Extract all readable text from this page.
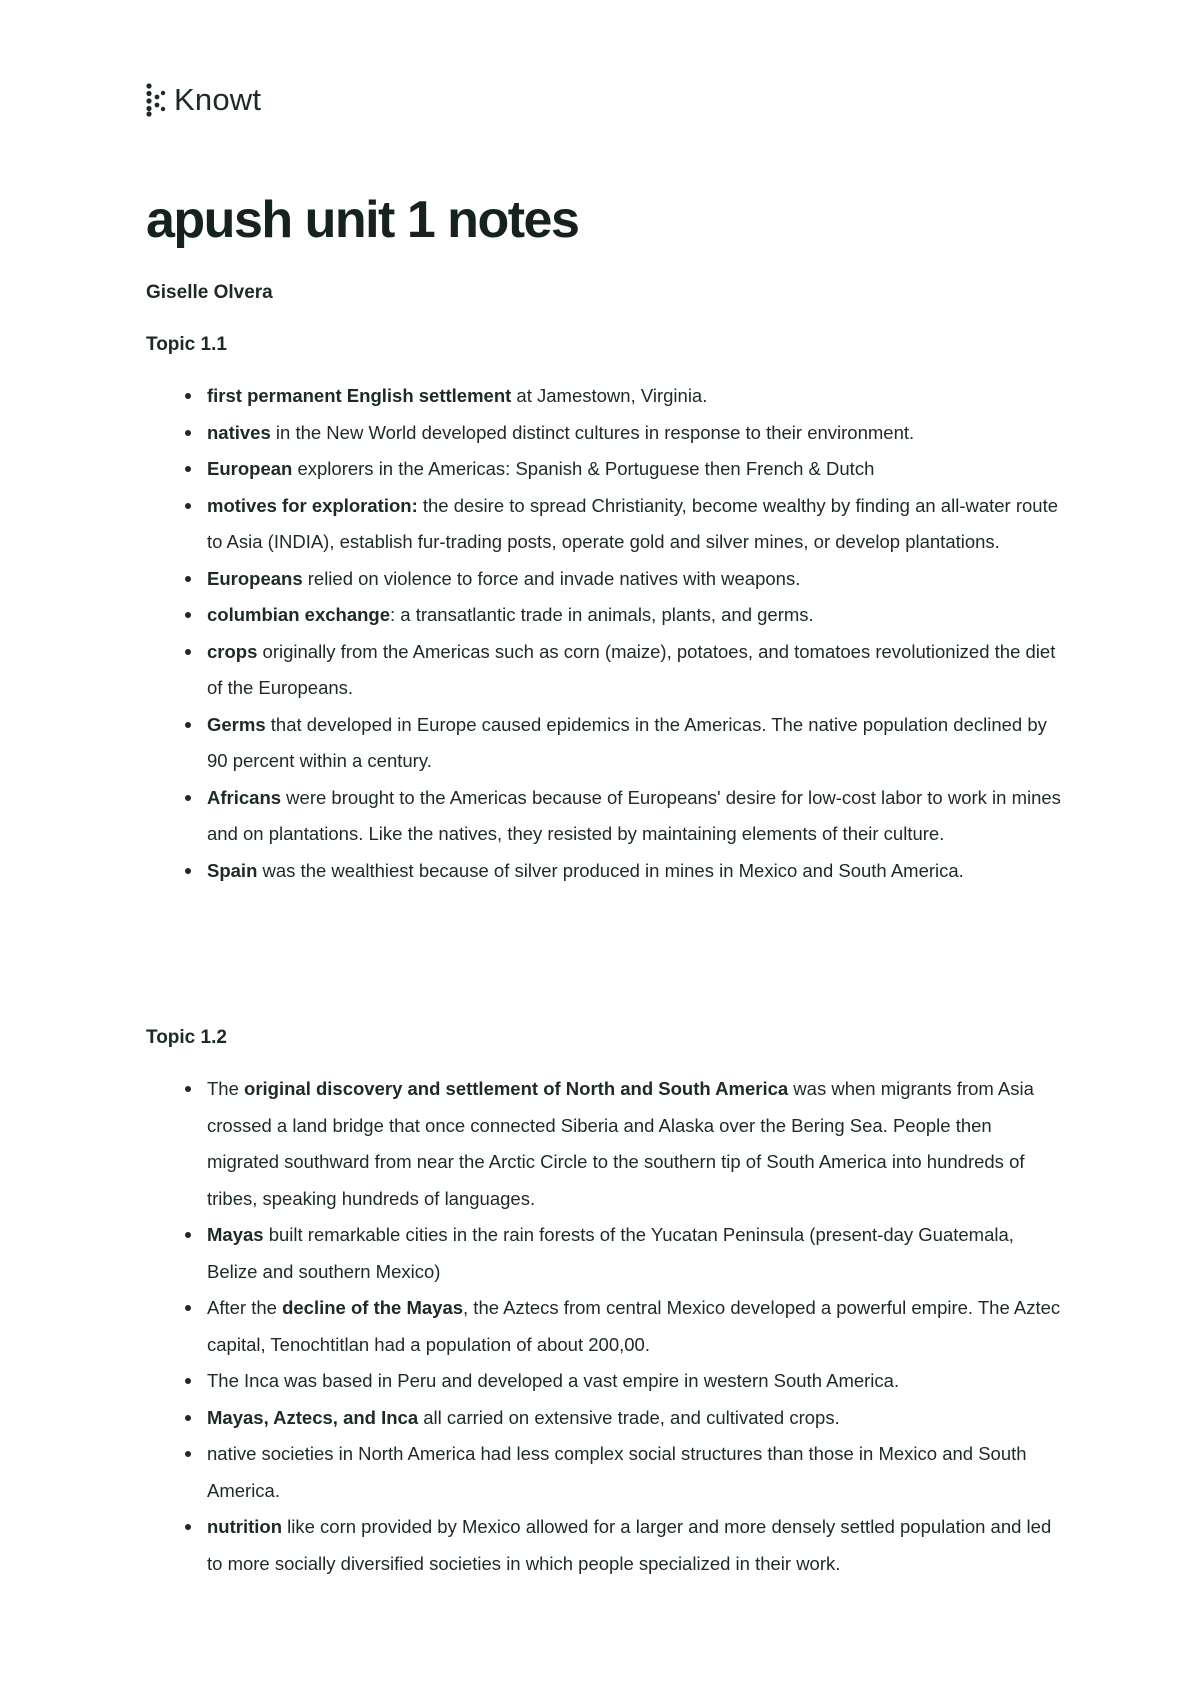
Knowt
apush unit 1 notes

Giselle Olvera

Topic 1.1
first permanent English settlement at Jamestown, Virginia.
natives in the New World developed distinct cultures in response to their environment.
European explorers in the Americas: Spanish & Portuguese then French & Dutch
motives for exploration: the desire to spread Christianity, become wealthy by finding an all-water route to Asia (INDIA), establish fur-trading posts, operate gold and silver mines, or develop plantations.
Europeans relied on violence to force and invade natives with weapons.
columbian exchange: a transatlantic trade in animals, plants, and germs.
crops originally from the Americas such as corn (maize), potatoes, and tomatoes revolutionized the diet of the Europeans.
Germs that developed in Europe caused epidemics in the Americas. The native population declined by 90 percent within a century.
Africans were brought to the Americas because of Europeans' desire for low-cost labor to work in mines and on plantations. Like the natives, they resisted by maintaining elements of their culture.
Spain was the wealthiest because of silver produced in mines in Mexico and South America.
Topic 1.2
The original discovery and settlement of North and South America was when migrants from Asia crossed a land bridge that once connected Siberia and Alaska over the Bering Sea. People then migrated southward from near the Arctic Circle to the southern tip of South America into hundreds of tribes, speaking hundreds of languages.
Mayas built remarkable cities in the rain forests of the Yucatan Peninsula (present-day Guatemala, Belize and southern Mexico)
After the decline of the Mayas, the Aztecs from central Mexico developed a powerful empire. The Aztec capital, Tenochtitlan had a population of about 200,00.
The Inca was based in Peru and developed a vast empire in western South America.
Mayas, Aztecs, and Inca all carried on extensive trade, and cultivated crops.
native societies in North America had less complex social structures than those in Mexico and South America.
nutrition like corn provided by Mexico allowed for a larger and more densely settled population and led to more socially diversified societies in which people specialized in their work.
